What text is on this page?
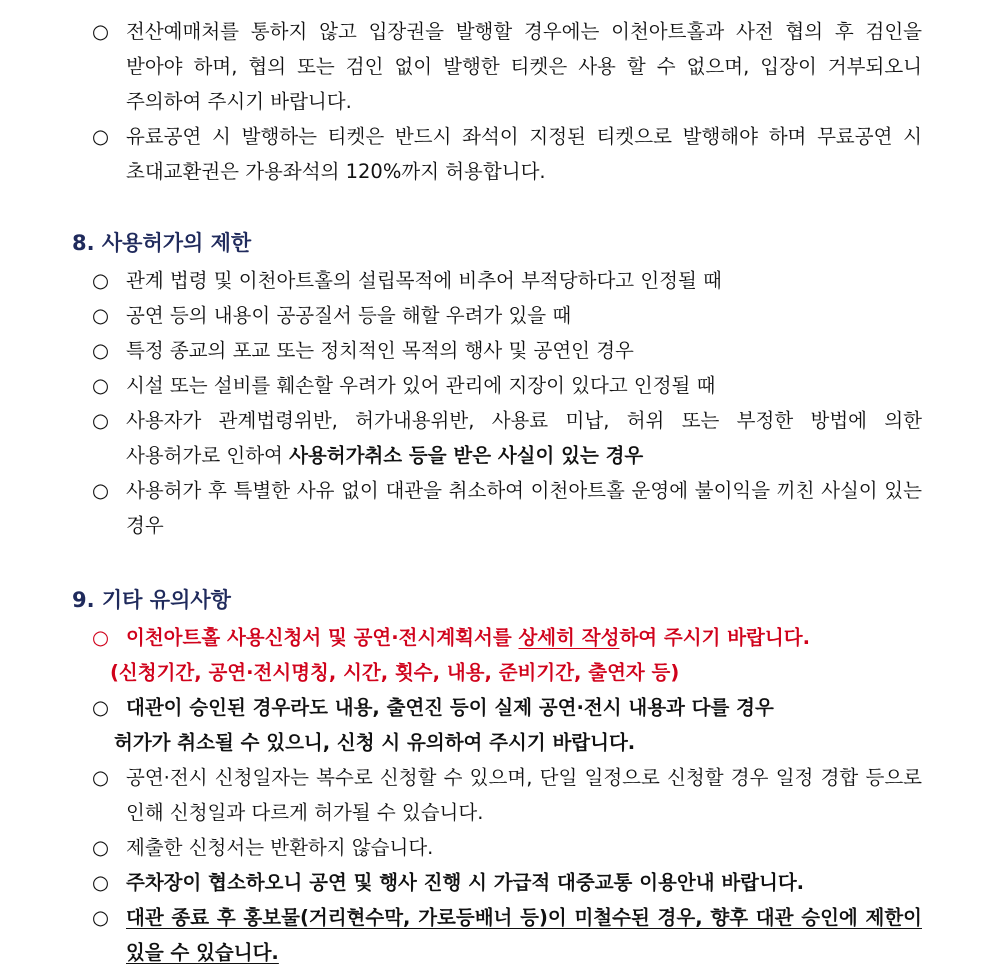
○ 전산예매처를 통하지 않고 입장권을 발행할 경우에는 이천아트홀과 사전 협의 후 검인을 받아야 하며, 협의 또는 검인 없이 발행한 티켓은 사용 할 수 없으며, 입장이 거부되오니 주의하여 주시기 바랍니다.
○ 유료공연 시 발행하는 티켓은 반드시 좌석이 지정된 티켓으로 발행해야 하며 무료공연 시 초대교환권은 가용좌석의 120%까지 허용합니다.
8. 사용허가의 제한
○ 관계 법령 및 이천아트홀의 설립목적에 비추어 부적당하다고 인정될 때
○ 공연 등의 내용이 공공질서 등을 해할 우려가 있을 때
○ 특정 종교의 포교 또는 정치적인 목적의 행사 및 공연인 경우
○ 시설 또는 설비를 훼손할 우려가 있어 관리에 지장이 있다고 인정될 때
○ 사용자가 관계법령위반, 허가내용위반, 사용료 미납, 허위 또는 부정한 방법에 의한 사용허가로 인하여 사용허가취소 등을 받은 사실이 있는 경우
○ 사용허가 후 특별한 사유 없이 대관을 취소하여 이천아트홀 운영에 불이익을 끼친 사실이 있는 경우
9. 기타 유의사항
○ 이천아트홀 사용신청서 및 공연·전시계획서를 상세히 작성하여 주시기 바랍니다.
(신청기간, 공연·전시명칭, 시간, 횟수, 내용, 준비기간, 출연자 등)
○ 대관이 승인된 경우라도 내용, 출연진 등이 실제 공연·전시 내용과 다를 경우
허가가 취소될 수 있으니, 신청 시 유의하여 주시기 바랍니다.
○ 공연·전시 신청일자는 복수로 신청할 수 있으며, 단일 일정으로 신청할 경우 일정 경합 등으로 인해 신청일과 다르게 허가될 수 있습니다.
○ 제출한 신청서는 반환하지 않습니다.
○ 주차장이 협소하오니 공연 및 행사 진행 시 가급적 대중교통 이용안내 바랍니다.
○ 대관 종료 후 홍보물(거리현수막, 가로등배너 등)이 미철수된 경우, 향후 대관 승인에 제한이 있을 수 있습니다.
